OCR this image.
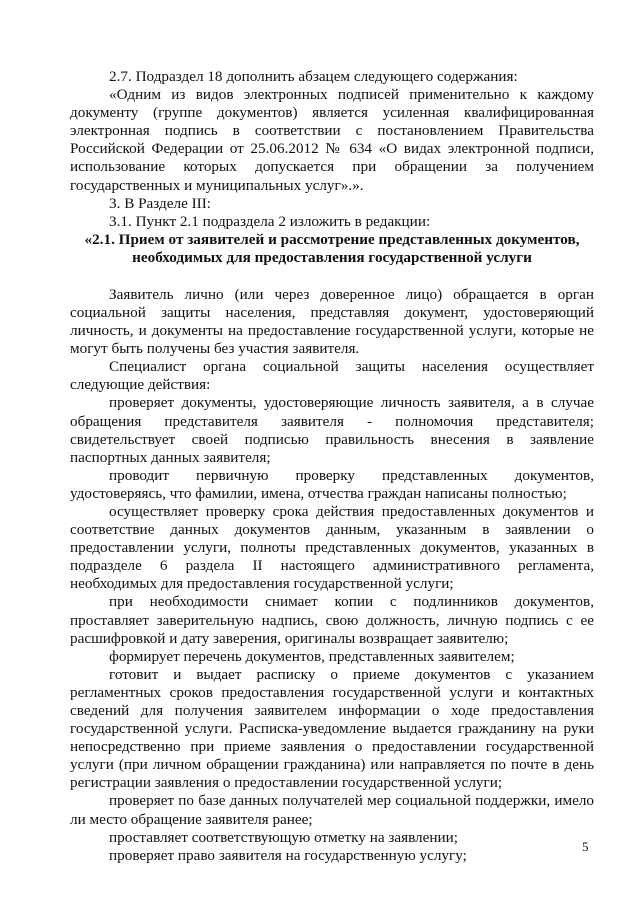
2.7. Подраздел 18 дополнить абзацем следующего содержания:

«Одним из видов электронных подписей применительно к каждому документу (группе документов) является усиленная квалифицированная электронная подпись в соответствии с постановлением Правительства Российской Федерации от 25.06.2012 № 634 «О видах электронной подписи, использование которых допускается при обращении за получением государственных и муниципальных услуг».».

3. В Разделе III:

3.1. Пункт 2.1 подраздела 2 изложить в редакции:

«2.1. Прием от заявителей и рассмотрение представленных документов,
необходимых для предоставления государственной услуги

Заявитель лично (или через доверенное лицо) обращается в орган социальной защиты населения, представляя документ, удостоверяющий личность, и документы на предоставление государственной услуги, которые не могут быть получены без участия заявителя.

Специалист органа социальной защиты населения осуществляет следующие действия:

проверяет документы, удостоверяющие личность заявителя, а в случае обращения представителя заявителя - полномочия представителя; свидетельствует своей подписью правильность внесения в заявление паспортных данных заявителя;

проводит первичную проверку представленных документов, удостоверяясь, что фамилии, имена, отчества граждан написаны полностью;

осуществляет проверку срока действия предоставленных документов и соответствие данных документов данным, указанным в заявлении о предоставлении услуги, полноты представленных документов, указанных в подразделе 6 раздела II настоящего административного регламента, необходимых для предоставления государственной услуги;

при необходимости снимает копии с подлинников документов, проставляет заверительную надпись, свою должность, личную подпись с ее расшифровкой и дату заверения, оригиналы возвращает заявителю;

формирует перечень документов, представленных заявителем;

готовит и выдает расписку о приеме документов с указанием регламентных сроков предоставления государственной услуги и контактных сведений для получения заявителем информации о ходе предоставления государственной услуги. Расписка-уведомление выдается гражданину на руки непосредственно при приеме заявления о предоставлении государственной услуги (при личном обращении гражданина) или направляется по почте в день регистрации заявления о предоставлении государственной услуги;

проверяет по базе данных получателей мер социальной поддержки, имело ли место обращение заявителя ранее;

проставляет соответствующую отметку на заявлении;

проверяет право заявителя на государственную услугу;

5
